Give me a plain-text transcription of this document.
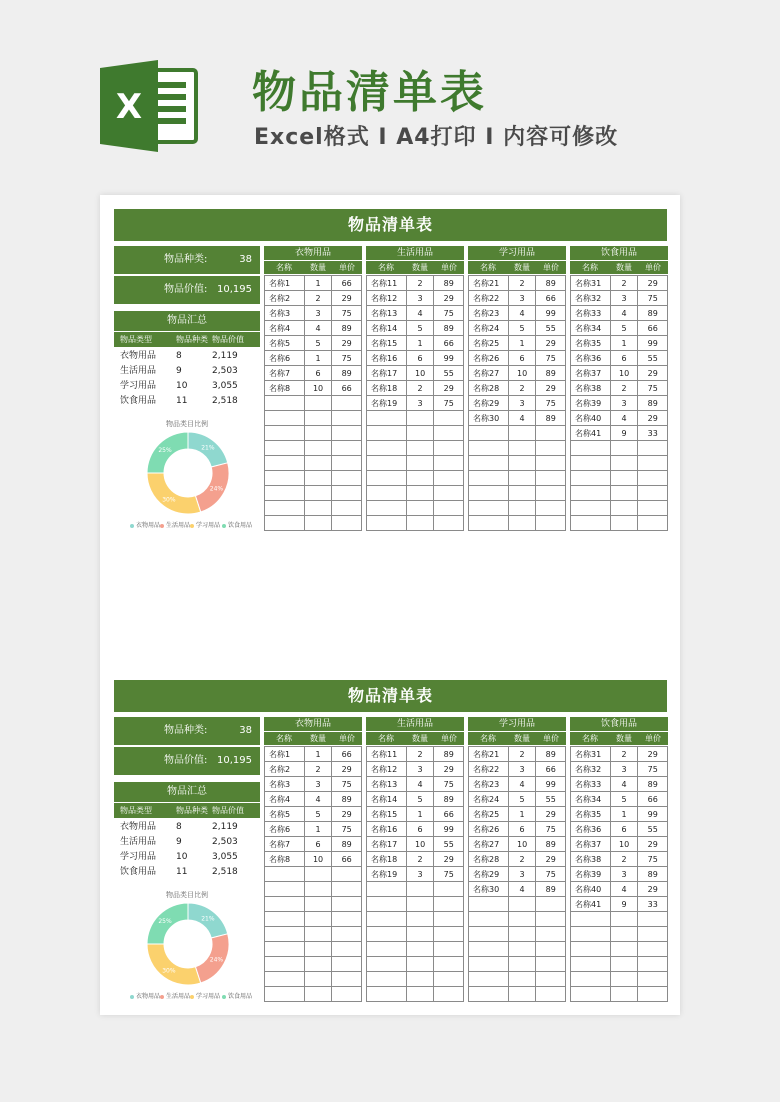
X 物品清单表
Excel格式 I A4打印 I 内容可修改
物品清单表
物品种类:	38
物品价值: 10,195
物品汇总
物品类型	物品种类 物品价值
衣物用品 8	2,119
生活用品 9	2,503
学习用品 10	3,055
饮食用品 11	2,518
物品类目比例
21%
24%
30%
25%
衣物用品 生活用品 学习用品	饮食用品
衣物用品
名称	数量	单价
名称1	1	66
名称2	2	29
名称3	3	75
名称4	4	89
名称5	5	29
名称6	1	75
名称7	6	89
名称8	10	66

生活用品
名称	数量	单价
名称11	2	89
名称12	3	29
名称13	4	75
名称14	5	89
名称15	1	66
名称16	6	99
名称17	10	55
名称18	2	29
名称19	3	75

学习用品
名称	数量	单价
名称21	2	89
名称22	3	66
名称23	4	99
名称24	5	55
名称25	1	29
名称26	6	75
名称27	10	89
名称28	2	29
名称29	3	75
名称30	4	89

饮食用品
名称	数量	单价
名称31	2	29
名称32	3	75
名称33	4	89
名称34	5	66
名称35	1	99
名称36	6	55
名称37	10	29
名称38	2	75
名称39	3	89
名称40	4	29
名称41	9	33

物品清单表
物品种类:	38
物品价值: 10,195
物品汇总
物品类型	物品种类 物品价值
衣物用品 8	2,119
生活用品 9	2,503
学习用品 10	3,055
饮食用品 11	2,518
物品类目比例
21%
24%
30%
25%
衣物用品 生活用品 学习用品	饮食用品
衣物用品
名称	数量	单价
名称1	1	66
名称2	2	29
名称3	3	75
名称4	4	89
名称5	5	29
名称6	1	75
名称7	6	89
名称8	10	66

生活用品
名称	数量	单价
名称11	2	89
名称12	3	29
名称13	4	75
名称14	5	89
名称15	1	66
名称16	6	99
名称17	10	55
名称18	2	29
名称19	3	75

学习用品
名称	数量	单价
名称21	2	89
名称22	3	66
名称23	4	99
名称24	5	55
名称25	1	29
名称26	6	75
名称27	10	89
名称28	2	29
名称29	3	75
名称30	4	89

饮食用品
名称	数量	单价
名称31	2	29
名称32	3	75
名称33	4	89
名称34	5	66
名称35	1	99
名称36	6	55
名称37	10	29
名称38	2	75
名称39	3	89
名称40	4	29
名称41	9	33
